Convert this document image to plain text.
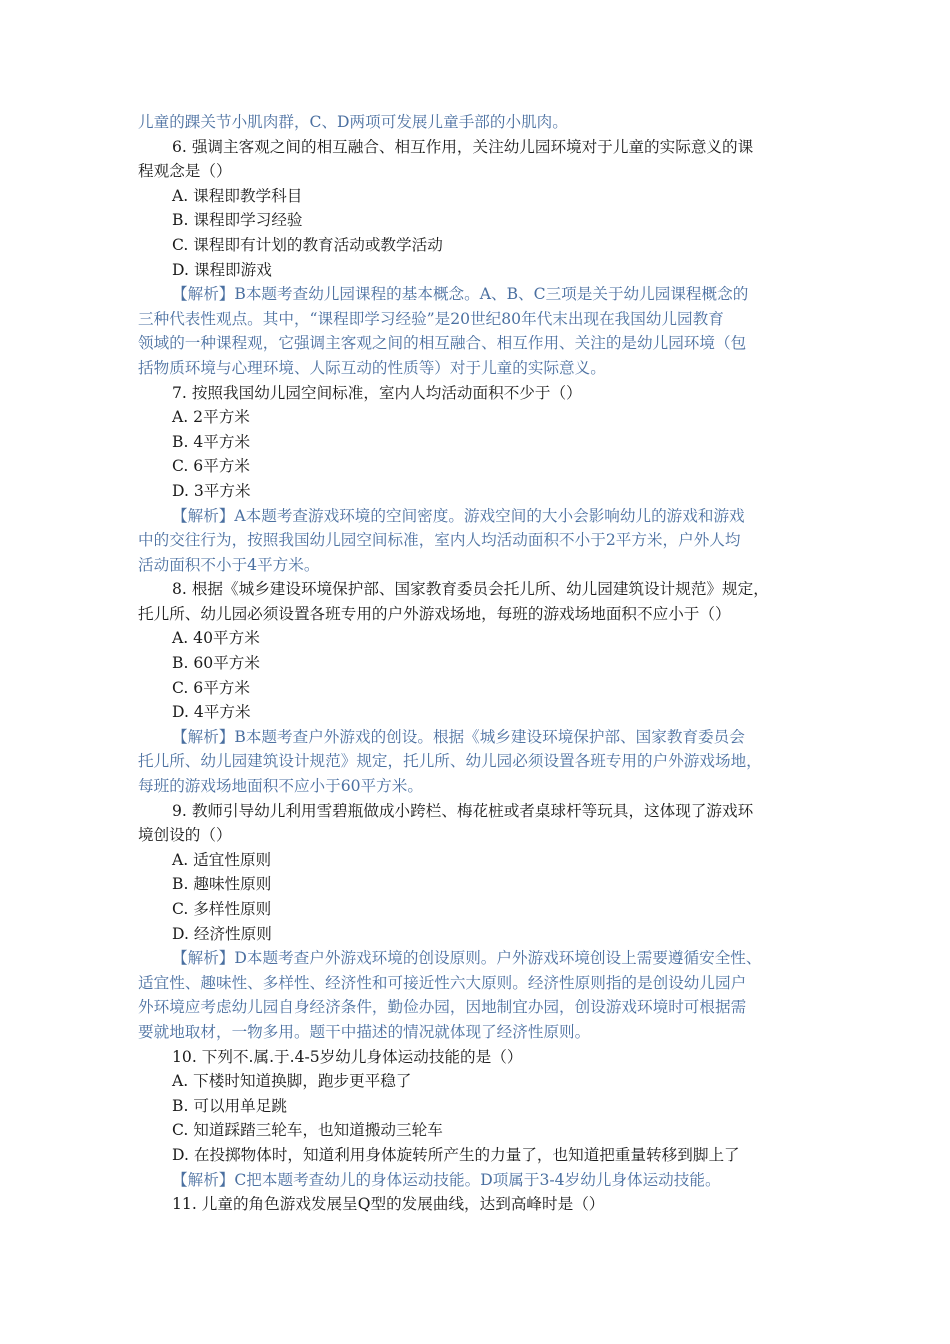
儿童的踝关节小肌肉群，C、D两项可发展儿童手部的小肌肉。
6. 强调主客观之间的相互融合、相互作用，关注幼儿园环境对于儿童的实际意义的课
程观念是（）
A. 课程即教学科目
B. 课程即学习经验
C. 课程即有计划的教育活动或教学活动
D. 课程即游戏
【解析】B本题考查幼儿园课程的基本概念。A、B、C三项是关于幼儿园课程概念的
三种代表性观点。其中，“课程即学习经验”是20世纪80年代末出现在我国幼儿园教育
领域的一种课程观，它强调主客观之间的相互融合、相互作用、关注的是幼儿园环境（包
括物质环境与心理环境、人际互动的性质等）对于儿童的实际意义。
7. 按照我国幼儿园空间标准，室内人均活动面积不少于（）
A. 2平方米
B. 4平方米
C. 6平方米
D. 3平方米
【解析】A本题考查游戏环境的空间密度。游戏空间的大小会影响幼儿的游戏和游戏
中的交往行为，按照我国幼儿园空间标准，室内人均活动面积不小于2平方米，户外人均
活动面积不小于4平方米。
8. 根据《城乡建设环境保护部、国家教育委员会托儿所、幼儿园建筑设计规范》规定，
托儿所、幼儿园必须设置各班专用的户外游戏场地，每班的游戏场地面积不应小于（）
A. 40平方米
B. 60平方米
C. 6平方米
D. 4平方米
【解析】B本题考查户外游戏的创设。根据《城乡建设环境保护部、国家教育委员会
托儿所、幼儿园建筑设计规范》规定，托儿所、幼儿园必须设置各班专用的户外游戏场地，
每班的游戏场地面积不应小于60平方米。
9. 教师引导幼儿利用雪碧瓶做成小跨栏、梅花桩或者桌球杆等玩具，这体现了游戏环
境创设的（）
A. 适宜性原则
B. 趣味性原则
C. 多样性原则
D. 经济性原则
【解析】D本题考查户外游戏环境的创设原则。户外游戏环境创设上需要遵循安全性、
适宜性、趣味性、多样性、经济性和可接近性六大原则。经济性原则指的是创设幼儿园户
外环境应考虑幼儿园自身经济条件，勤俭办园，因地制宜办园，创设游戏环境时可根据需
要就地取材，一物多用。题干中描述的情况就体现了经济性原则。
10. 下列不.属.于.4-5岁幼儿身体运动技能的是（）
A. 下楼时知道换脚，跑步更平稳了
B. 可以用单足跳
C. 知道踩踏三轮车，也知道搬动三轮车
D. 在投掷物体时，知道利用身体旋转所产生的力量了，也知道把重量转移到脚上了
【解析】C把本题考查幼儿的身体运动技能。D项属于3-4岁幼儿身体运动技能。
11. 儿童的角色游戏发展呈Q型的发展曲线，达到高峰时是（）
